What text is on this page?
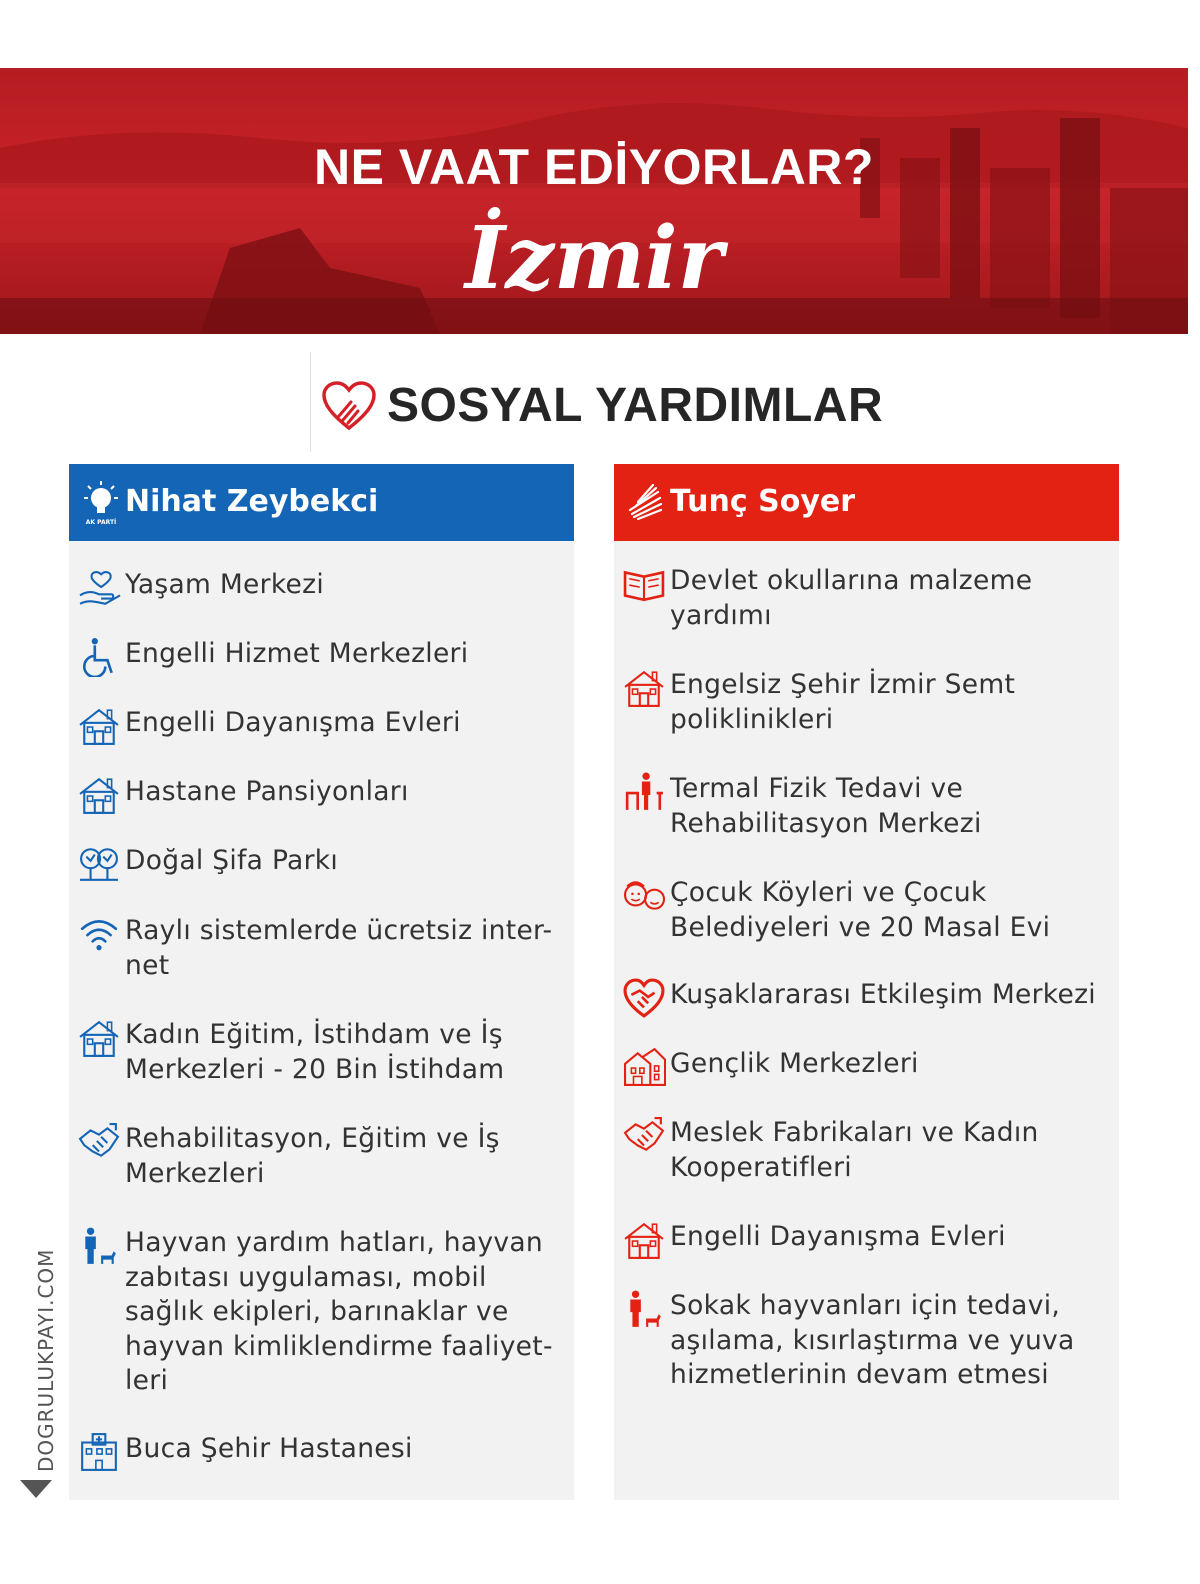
NE VAAT EDİYORLAR?
İzmir
SOSYAL YARDIMLAR
AK PARTİ
Nihat Zeybekci
Yaşam Merkezi
Engelli Hizmet Merkezleri
Engelli Dayanışma Evleri
Hastane Pansiyonları
Doğal Şifa Parkı
Raylı sistemlerde ücretsiz inter-net
Kadın Eğitim, İstihdam ve İş Merkezleri - 20 Bin İstihdam
Rehabilitasyon, Eğitim ve İş Merkezleri
Hayvan yardım hatları, hayvan zabıtası uygulaması, mobil sağlık ekipleri, barınaklar ve hayvan kimliklendirme faaliyet-leri
Buca Şehir Hastanesi
Tunç Soyer
Devlet okullarına malzeme yardımı
Engelsiz Şehir İzmir Semt poliklinikleri
Termal Fizik Tedavi ve Rehabilitasyon Merkezi
Çocuk Köyleri ve Çocuk Belediyeleri ve 20 Masal Evi
Kuşaklararası Etkileşim Merkezi
Gençlik Merkezleri
Meslek Fabrikaları ve Kadın Kooperatifleri
Engelli Dayanışma Evleri
Sokak hayvanları için tedavi, aşılama, kısırlaştırma ve yuva hizmetlerinin devam etmesi
DOGRULUKPAYI.COM
